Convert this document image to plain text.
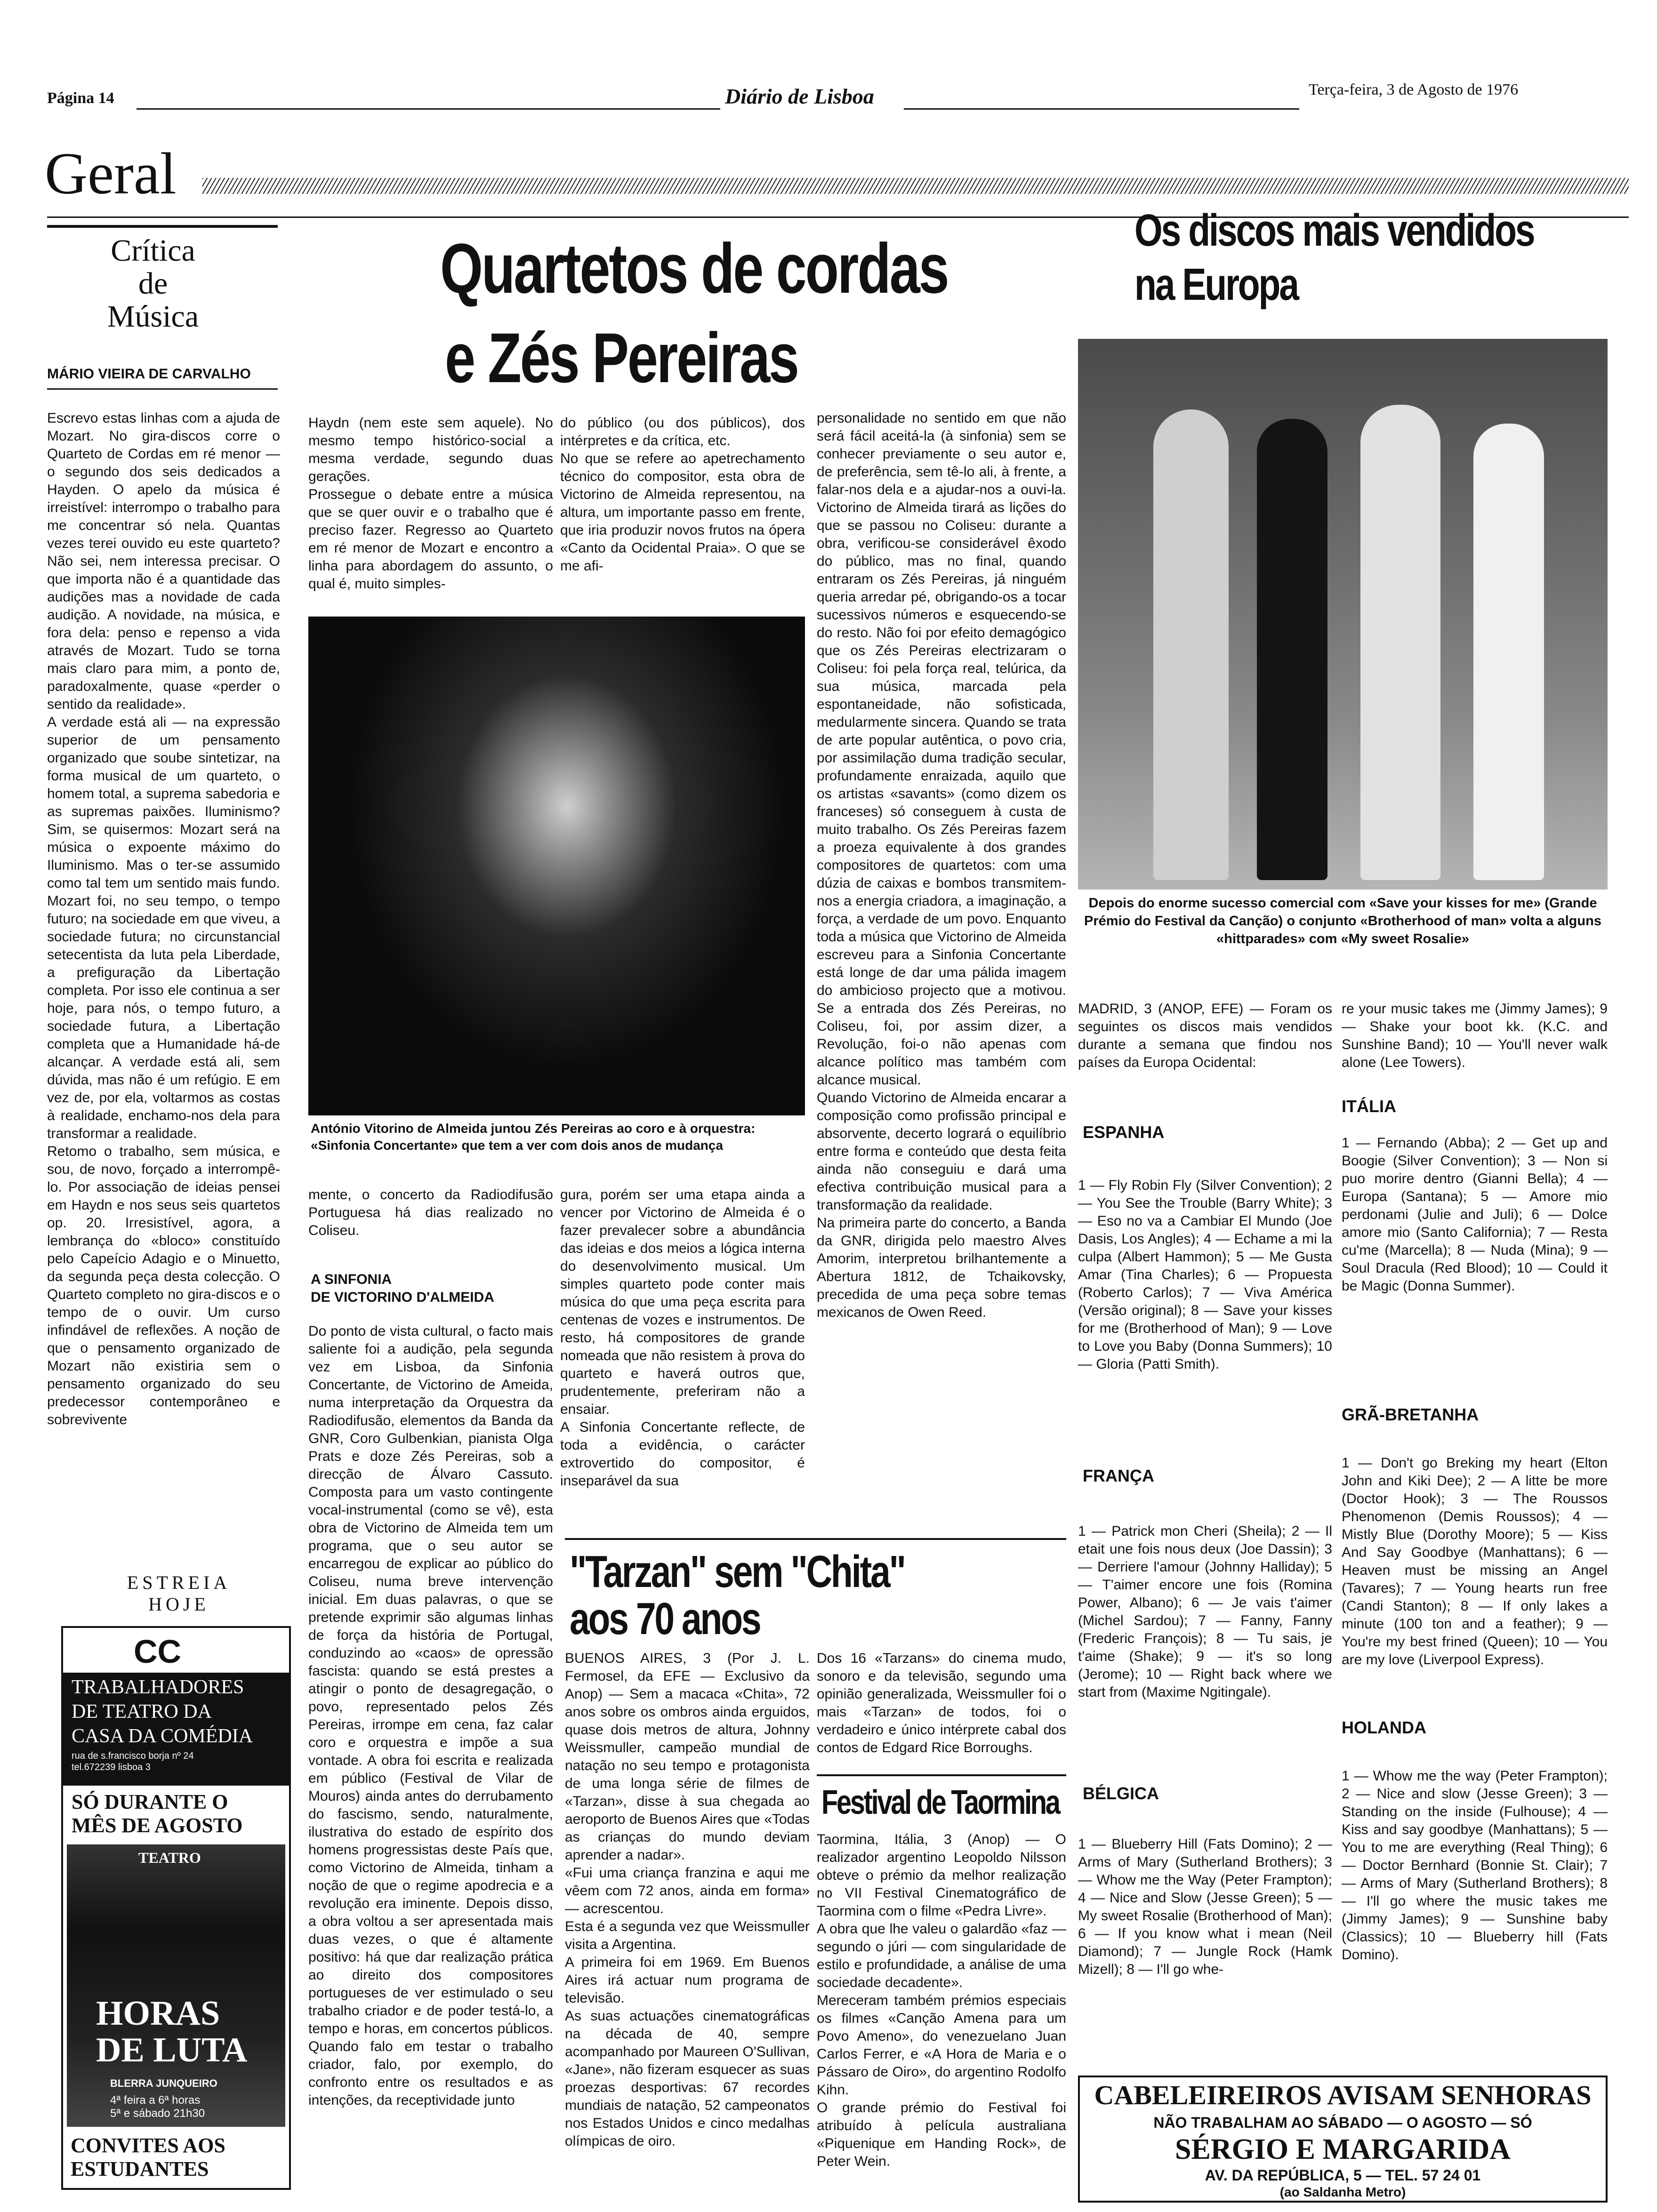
Página 14	Diário de Lisboa	Terça-feira, 3 de Agosto de 1976
Geral
Crítica
de
Música
MÁRIO VIEIRA DE CARVALHO
Quartetos de cordas
e Zés Pereiras
Escrevo estas linhas com a ajuda de Mozart. No gira-discos corre o Quarteto de Cordas em ré menor — o segundo dos seis dedicados a Hayden. O apelo da música é irreistível: interrompo o trabalho para me concentrar só nela. Quantas vezes terei ouvido eu este quarteto? Não sei, nem interessa precisar. O que importa não é a quantidade das audições mas a novidade de cada audição. A novidade, na música, e fora dela: penso e repenso a vida através de Mozart. Tudo se torna mais claro para mim, a ponto de, paradoxalmente, quase «perder o sentido da realidade».
A verdade está ali — na expressão superior de um pensamento organizado que soube sintetizar, na forma musical de um quarteto, o homem total, a suprema sabedoria e as supremas paixões. Iluminismo? Sim, se quisermos: Mozart será na música o expoente máximo do Iluminismo. Mas o ter-se assumido como tal tem um sentido mais fundo. Mozart foi, no seu tempo, o tempo futuro; na sociedade em que viveu, a sociedade futura; no circunstancial setecentista da luta pela Liberdade, a prefiguração da Libertação completa. Por isso ele continua a ser hoje, para nós, o tempo futuro, a sociedade futura, a Libertação completa que a Humanidade há-de alcançar. A verdade está ali, sem dúvida, mas não é um refúgio. E em vez de, por ela, voltarmos as costas à realidade, enchamo-nos dela para transformar a realidade.
Retomo o trabalho, sem música, e sou, de novo, forçado a interrompê-lo. Por associação de ideias pensei em Haydn e nos seus seis quartetos op. 20. Irresistível, agora, a lembrança do «bloco» constituído pelo Capeício Adagio e o Minuetto, da segunda peça desta colecção. O Quarteto completo no gira-discos e o tempo de o ouvir. Um curso infindável de reflexões. A noção de que o pensamento organizado de Mozart não existiria sem o pensamento organizado do seu predecessor contemporâneo e sobrevivente
Haydn (nem este sem aquele). No mesmo tempo histórico-social a mesma verdade, segundo duas gerações.
Prossegue o debate entre a música que se quer ouvir e o trabalho que é preciso fazer. Regresso ao Quarteto em ré menor de Mozart e encontro a linha para abordagem do assunto, o qual é, muito simples-
do público (ou dos públicos), dos intérpretes e da crítica, etc.
No que se refere ao apetrechamento técnico do compositor, esta obra de Victorino de Almeida representou, na altura, um importante passo em frente, que iria produzir novos frutos na ópera «Canto da Ocidental Praia». O que se me afi-
personalidade no sentido em que não será fácil aceitá-la (à sinfonia) sem se conhecer previamente o seu autor e, de preferência, sem tê-lo ali, à frente, a falar-nos dela e a ajudar-nos a ouvi-la. Victorino de Almeida tirará as lições do que se passou no Coliseu: durante a obra, verificou-se considerável êxodo do público, mas no final, quando entraram os Zés Pereiras, já ninguém queria arredar pé, obrigando-os a tocar sucessivos números e esquecendo-se do resto. Não foi por efeito demagógico que os Zés Pereiras electrizaram o Coliseu: foi pela força real, telúrica, da sua música, marcada pela espontaneidade, não sofisticada, medularmente sincera. Quando se trata de arte popular autêntica, o povo cria, por assimilação duma tradição secular, profundamente enraizada, aquilo que os artistas «savants» (como dizem os franceses) só conseguem à custa de muito trabalho. Os Zés Pereiras fazem a proeza equivalente à dos grandes compositores de quartetos: com uma dúzia de caixas e bombos transmitem-nos a energia criadora, a imaginação, a força, a verdade de um povo. Enquanto toda a música que Victorino de Almeida escreveu para a Sinfonia Concertante está longe de dar uma pálida imagem do ambicioso projecto que a motivou. Se a entrada dos Zés Pereiras, no Coliseu, foi, por assim dizer, a Revolução, foi-o não apenas com alcance político mas também com alcance musical.
Quando Victorino de Almeida encarar a composição como profissão principal e absorvente, decerto logrará o equilíbrio entre forma e conteúdo que desta feita ainda não conseguiu e dará uma efectiva contribuição musical para a transformação da realidade.
Na primeira parte do concerto, a Banda da GNR, dirigida pelo maestro Alves Amorim, interpretou brilhantemente a Abertura 1812, de Tchaikovsky, precedida de uma peça sobre temas mexicanos de Owen Reed.
António Vitorino de Almeida juntou Zés Pereiras ao coro e à orquestra: «Sinfonia Concertante» que tem a ver com dois anos de mudança
mente, o concerto da Radiodifusão Portuguesa há dias realizado no Coliseu.
A SINFONIA
DE VICTORINO D'ALMEIDA
Do ponto de vista cultural, o facto mais saliente foi a audição, pela segunda vez em Lisboa, da Sinfonia Concertante, de Victorino de Ameida, numa interpretação da Orquestra da Radiodifusão, elementos da Banda da GNR, Coro Gulbenkian, pianista Olga Prats e doze Zés Pereiras, sob a direcção de Álvaro Cassuto. Composta para um vasto contingente vocal-instrumental (como se vê), esta obra de Victorino de Almeida tem um programa, que o seu autor se encarregou de explicar ao público do Coliseu, numa breve intervenção inicial. Em duas palavras, o que se pretende exprimir são algumas linhas de força da história de Portugal, conduzindo ao «caos» de opressão fascista: quando se está prestes a atingir o ponto de desagregação, o povo, representado pelos Zés Pereiras, irrompe em cena, faz calar coro e orquestra e impõe a sua vontade. A obra foi escrita e realizada em público (Festival de Vilar de Mouros) ainda antes do derrubamento do fascismo, sendo, naturalmente, ilustrativa do estado de espírito dos homens progressistas deste País que, como Victorino de Almeida, tinham a noção de que o regime apodrecia e a revolução era iminente. Depois disso, a obra voltou a ser apresentada mais duas vezes, o que é altamente positivo: há que dar realização prática ao direito dos compositores portugueses de ver estimulado o seu trabalho criador e de poder testá-lo, a tempo e horas, em concertos públicos. Quando falo em testar o trabalho criador, falo, por exemplo, do confronto entre os resultados e as intenções, da receptividade junto
gura, porém ser uma etapa ainda a vencer por Victorino de Almeida é o fazer prevalecer sobre a abundância das ideias e dos meios a lógica interna do desenvolvimento musical. Um simples quarteto pode conter mais música do que uma peça escrita para centenas de vozes e instrumentos. De resto, há compositores de grande nomeada que não resistem à prova do quarteto e haverá outros que, prudentemente, preferiram não a ensaiar.
A Sinfonia Concertante reflecte, de toda a evidência, o carácter extrovertido do compositor, é inseparável da sua
ESTREIA
HOJE
CC
TRABALHADORES
DE TEATRO DA
CASA DA COMÉDIA
rua de s.francisco borja nº 24
tel.672239 lisboa 3
SÓ DURANTE O
MÊS DE AGOSTO
TEATRO
HORAS
DE LUTA
BLERRA JUNQUEIRO
4ª feira a 6ª horas
5ª e sábado 21h30
CONVITES AOS
ESTUDANTES
"Tarzan" sem "Chita"
aos 70 anos
BUENOS AIRES, 3 (Por J. L. Fermosel, da EFE — Exclusivo da Anop) — Sem a macaca «Chita», 72 anos sobre os ombros ainda erguidos, quase dois metros de altura, Johnny Weissmuller, campeão mundial de natação no seu tempo e protagonista de uma longa série de filmes de «Tarzan», disse à sua chegada ao aeroporto de Buenos Aires que «Todas as crianças do mundo deviam aprender a nadar».
«Fui uma criança franzina e aqui me vêem com 72 anos, ainda em forma» — acrescentou.
Esta é a segunda vez que Weissmuller visita a Argentina.
A primeira foi em 1969. Em Buenos Aires irá actuar num programa de televisão.
As suas actuações cinematográficas na década de 40, sempre acompanhado por Maureen O'Sullivan, «Jane», não fizeram esquecer as suas proezas desportivas: 67 recordes mundiais de natação, 52 campeonatos nos Estados Unidos e cinco medalhas olímpicas de oiro.
Dos 16 «Tarzans» do cinema mudo, sonoro e da televisão, segundo uma opinião generalizada, Weissmuller foi o mais «Tarzan» de todos, foi o verdadeiro e único intérprete cabal dos contos de Edgard Rice Borroughs.
Festival de Taormina
Taormina, Itália, 3 (Anop) — O realizador argentino Leopoldo Nilsson obteve o prémio da melhor realização no VII Festival Cinematográfico de Taormina com o filme «Pedra Livre».
A obra que lhe valeu o galardão «faz — segundo o júri — com singularidade de estilo e profundidade, a análise de uma sociedade decadente».
Mereceram também prémios especiais os filmes «Canção Amena para um Povo Ameno», do venezuelano Juan Carlos Ferrer, e «A Hora de Maria e o Pássaro de Oiro», do argentino Rodolfo Kihn.
O grande prémio do Festival foi atribuído à película australiana «Piquenique em Handing Rock», de Peter Wein.
Os discos mais vendidos
na Europa
Depois do enorme sucesso comercial com «Save your kisses for me» (Grande Prémio do Festival da Canção) o conjunto «Brotherhood of man» volta a alguns «hittparades» com «My sweet Rosalie»
MADRID, 3 (ANOP, EFE) — Foram os seguintes os discos mais vendidos durante a semana que findou nos países da Europa Ocidental:
ESPANHA
1 — Fly Robin Fly (Silver Convention); 2 — You See the Trouble (Barry White); 3 — Eso no va a Cambiar El Mundo (Joe Dasis, Los Angles); 4 — Echame a mi la culpa (Albert Hammon); 5 — Me Gusta Amar (Tina Charles); 6 — Propuesta (Roberto Carlos); 7 — Viva América (Versão original); 8 — Save your kisses for me (Brotherhood of Man); 9 — Love to Love you Baby (Donna Summers); 10 — Gloria (Patti Smith).
FRANÇA
1 — Patrick mon Cheri (Sheila); 2 — Il etait une fois nous deux (Joe Dassin); 3 — Derriere l'amour (Johnny Halliday); 5 — T'aimer encore une fois (Romina Power, Albano); 6 — Je vais t'aimer (Michel Sardou); 7 — Fanny, Fanny (Frederic François); 8 — Tu sais, je t'aime (Shake); 9 — it's so long (Jerome); 10 — Right back where we start from (Maxime Ngitingale).
BÉLGICA
1 — Blueberry Hill (Fats Domino); 2 — Arms of Mary (Sutherland Brothers); 3 — Whow me the Way (Peter Frampton); 4 — Nice and Slow (Jesse Green); 5 — My sweet Rosalie (Brotherhood of Man); 6 — If you know what i mean (Neil Diamond); 7 — Jungle Rock (Hamk Mizell); 8 — I'll go whe-
re your music takes me (Jimmy James); 9 — Shake your boot kk. (K.C. and Sunshine Band); 10 — You'll never walk alone (Lee Towers).
ITÁLIA
1 — Fernando (Abba); 2 — Get up and Boogie (Silver Convention); 3 — Non si puo morire dentro (Gianni Bella); 4 — Europa (Santana); 5 — Amore mio perdonami (Julie and Juli); 6 — Dolce amore mio (Santo California); 7 — Resta cu'me (Marcella); 8 — Nuda (Mina); 9 — Soul Dracula (Red Blood); 10 — Could it be Magic (Donna Summer).
GRÃ-BRETANHA
1 — Don't go Breking my heart (Elton John and Kiki Dee); 2 — A litte be more (Doctor Hook); 3 — The Roussos Phenomenon (Demis Roussos); 4 — Mistly Blue (Dorothy Moore); 5 — Kiss And Say Goodbye (Manhattans); 6 — Heaven must be missing an Angel (Tavares); 7 — Young hearts run free (Candi Stanton); 8 — If only lakes a minute (100 ton and a feather); 9 — You're my best frined (Queen); 10 — You are my love (Liverpool Express).
HOLANDA
1 — Whow me the way (Peter Frampton); 2 — Nice and slow (Jesse Green); 3 — Standing on the inside (Fulhouse); 4 — Kiss and say goodbye (Manhattans); 5 — You to me are everything (Real Thing); 6 — Doctor Bernhard (Bonnie St. Clair); 7 — Arms of Mary (Sutherland Brothers); 8 — I'll go where the music takes me (Jimmy James); 9 — Sunshine baby (Classics); 10 — Blueberry hill (Fats Domino).
CABELEIREIROS AVISAM SENHORAS
NÃO TRABALHAM AO SÁBADO — O AGOSTO — SÓ
SÉRGIO E MARGARIDA
AV. DA REPÚBLICA, 5 — TEL. 57 24 01
(ao Saldanha Metro)
